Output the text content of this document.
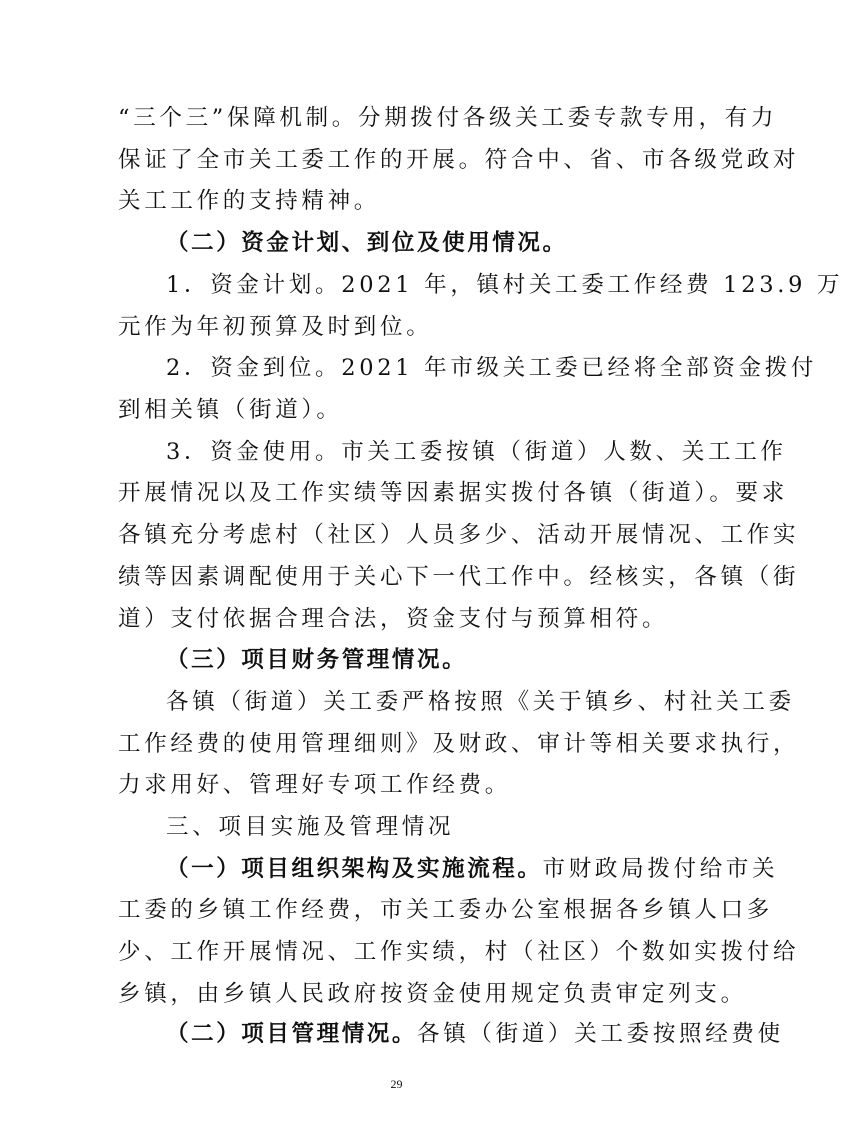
“三个三”保障机制。分期拨付各级关工委专款专用，有力
保证了全市关工委工作的开展。符合中、省、市各级党政对
关工工作的支持精神。
（二）资金计划、到位及使用情况。
1．资金计划。2021 年，镇村关工委工作经费 123.9 万
元作为年初预算及时到位。
2．资金到位。2021 年市级关工委已经将全部资金拨付
到相关镇（街道）。
3．资金使用。市关工委按镇（街道）人数、关工工作
开展情况以及工作实绩等因素据实拨付各镇（街道）。要求
各镇充分考虑村（社区）人员多少、活动开展情况、工作实
绩等因素调配使用于关心下一代工作中。经核实，各镇（街
道）支付依据合理合法，资金支付与预算相符。
（三）项目财务管理情况。
各镇（街道）关工委严格按照《关于镇乡、村社关工委
工作经费的使用管理细则》及财政、审计等相关要求执行，
力求用好、管理好专项工作经费。
三、项目实施及管理情况
（一）项目组织架构及实施流程。市财政局拨付给市关
工委的乡镇工作经费，市关工委办公室根据各乡镇人口多
少、工作开展情况、工作实绩，村（社区）个数如实拨付给
乡镇，由乡镇人民政府按资金使用规定负责审定列支。
（二）项目管理情况。各镇（街道）关工委按照经费使
29
